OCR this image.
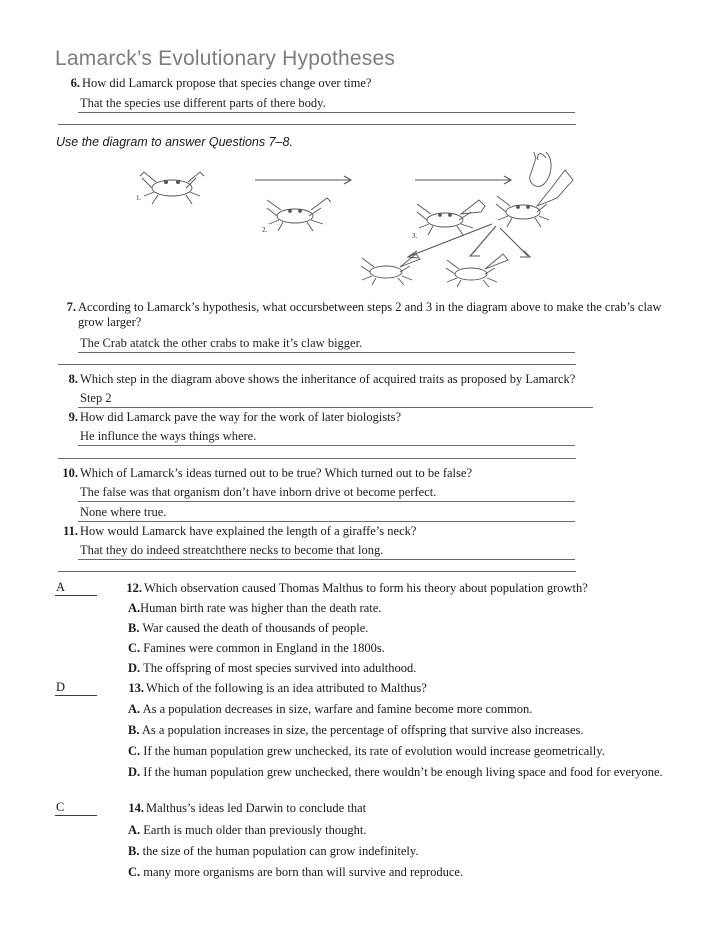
Lamarck’s Evolutionary Hypotheses
6. How did Lamarck propose that species change over time?
That the species use different parts of there body.
Use the diagram to answer Questions 7–8.
1.
2.
3.
7. According to Lamarck’s hypothesis, what occursbetween steps 2 and 3 in the diagram above to make the crab’s claw grow larger?
The Crab atatck the other crabs to make it’s claw bigger.
8. Which step in the diagram above shows the inheritance of acquired traits as proposed by Lamarck?
Step 2
9. How did Lamarck pave the way for the work of later biologists?
He influnce the ways things where.
10. Which of Lamarck’s ideas turned out to be true? Which turned out to be false?
The false was that organism don’t have inborn drive ot become perfect.
None where true.
11. How would Lamarck have explained the length of a giraffe’s neck?
That they do indeed streatchthere necks to become that long.
A	12. Which observation caused Thomas Malthus to form his theory about population growth?
A.Human birth rate was higher than the death rate.
B. War caused the death of thousands of people.
C. Famines were common in England in the 1800s.
D. The offspring of most species survived into adulthood.
D	13. Which of the following is an idea attributed to Malthus?
A. As a population decreases in size, warfare and famine become more common.
B. As a population increases in size, the percentage of offspring that survive also increases.
C. If the human population grew unchecked, its rate of evolution would increase geometrically.
D. If the human population grew unchecked, there wouldn’t be enough living space and food for everyone.
C	14. Malthus’s ideas led Darwin to conclude that
A. Earth is much older than previously thought.
B. the size of the human population can grow indefinitely.
C. many more organisms are born than will survive and reproduce.
